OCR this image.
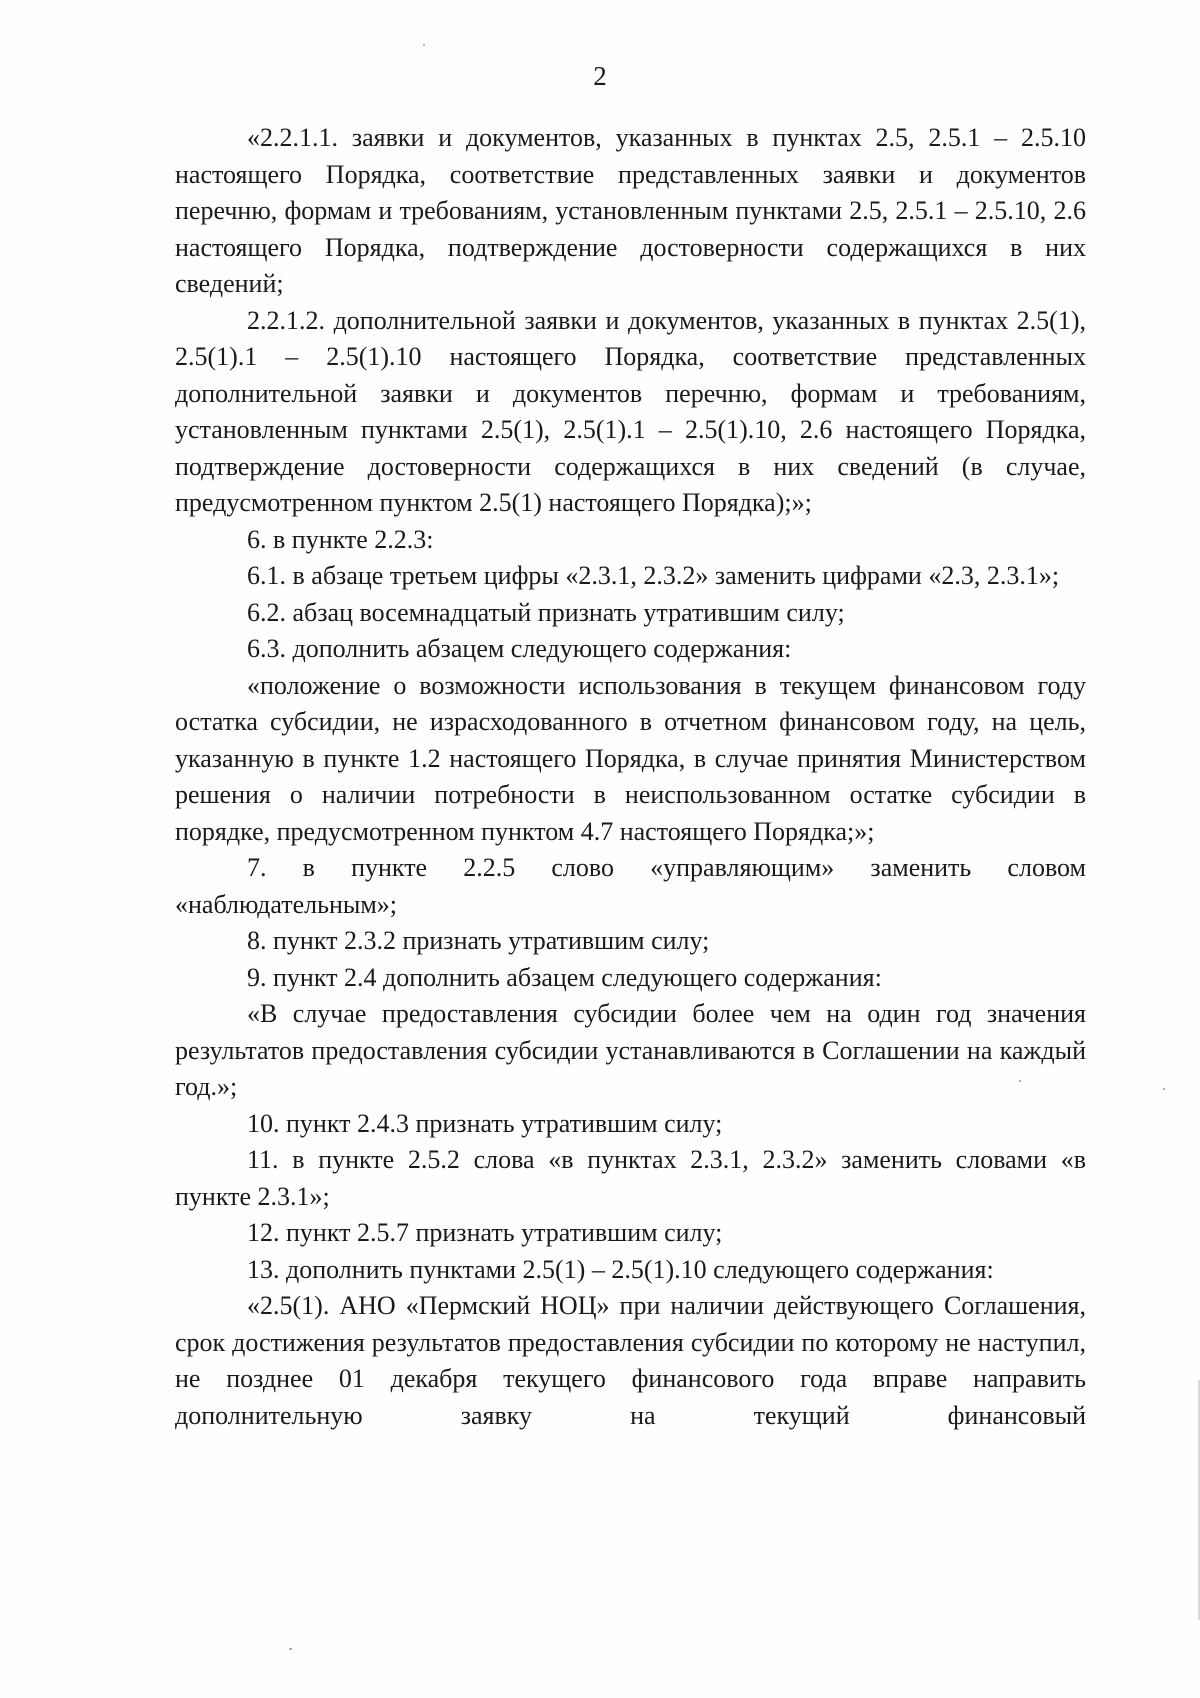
2

«2.2.1.1. заявки и документов, указанных в пунктах 2.5, 2.5.1 – 2.5.10 настоящего Порядка, соответствие представленных заявки и документов перечню, формам и требованиям, установленным пунктами 2.5, 2.5.1 – 2.5.10, 2.6 настоящего Порядка, подтверждение достоверности содержащихся в них сведений;

2.2.1.2. дополнительной заявки и документов, указанных в пунктах 2.5(1), 2.5(1).1 – 2.5(1).10 настоящего Порядка, соответствие представленных дополнительной заявки и документов перечню, формам и требованиям, установленным пунктами 2.5(1), 2.5(1).1 – 2.5(1).10, 2.6 настоящего Порядка, подтверждение достоверности содержащихся в них сведений (в случае, предусмотренном пунктом 2.5(1) настоящего Порядка);»;

6. в пункте 2.2.3:

6.1. в абзаце третьем цифры «2.3.1, 2.3.2» заменить цифрами «2.3, 2.3.1»;

6.2. абзац восемнадцатый признать утратившим силу;

6.3. дополнить абзацем следующего содержания:

«положение о возможности использования в текущем финансовом году остатка субсидии, не израсходованного в отчетном финансовом году, на цель, указанную в пункте 1.2 настоящего Порядка, в случае принятия Министерством решения о наличии потребности в неиспользованном остатке субсидии в порядке, предусмотренном пунктом 4.7 настоящего Порядка;»;

7. в пункте 2.2.5 слово «управляющим» заменить словом «наблюдательным»;

8. пункт 2.3.2 признать утратившим силу;

9. пункт 2.4 дополнить абзацем следующего содержания:

«В случае предоставления субсидии более чем на один год значения результатов предоставления субсидии устанавливаются в Соглашении на каждый год.»;

10. пункт 2.4.3 признать утратившим силу;

11. в пункте 2.5.2 слова «в пунктах 2.3.1, 2.3.2» заменить словами «в пункте 2.3.1»;

12. пункт 2.5.7 признать утратившим силу;

13. дополнить пунктами 2.5(1) – 2.5(1).10 следующего содержания:

«2.5(1). АНО «Пермский НОЦ» при наличии действующего Соглашения, срок достижения результатов предоставления субсидии по которому не наступил, не позднее 01 декабря текущего финансового года вправе направить дополнительную заявку на текущий финансовый
